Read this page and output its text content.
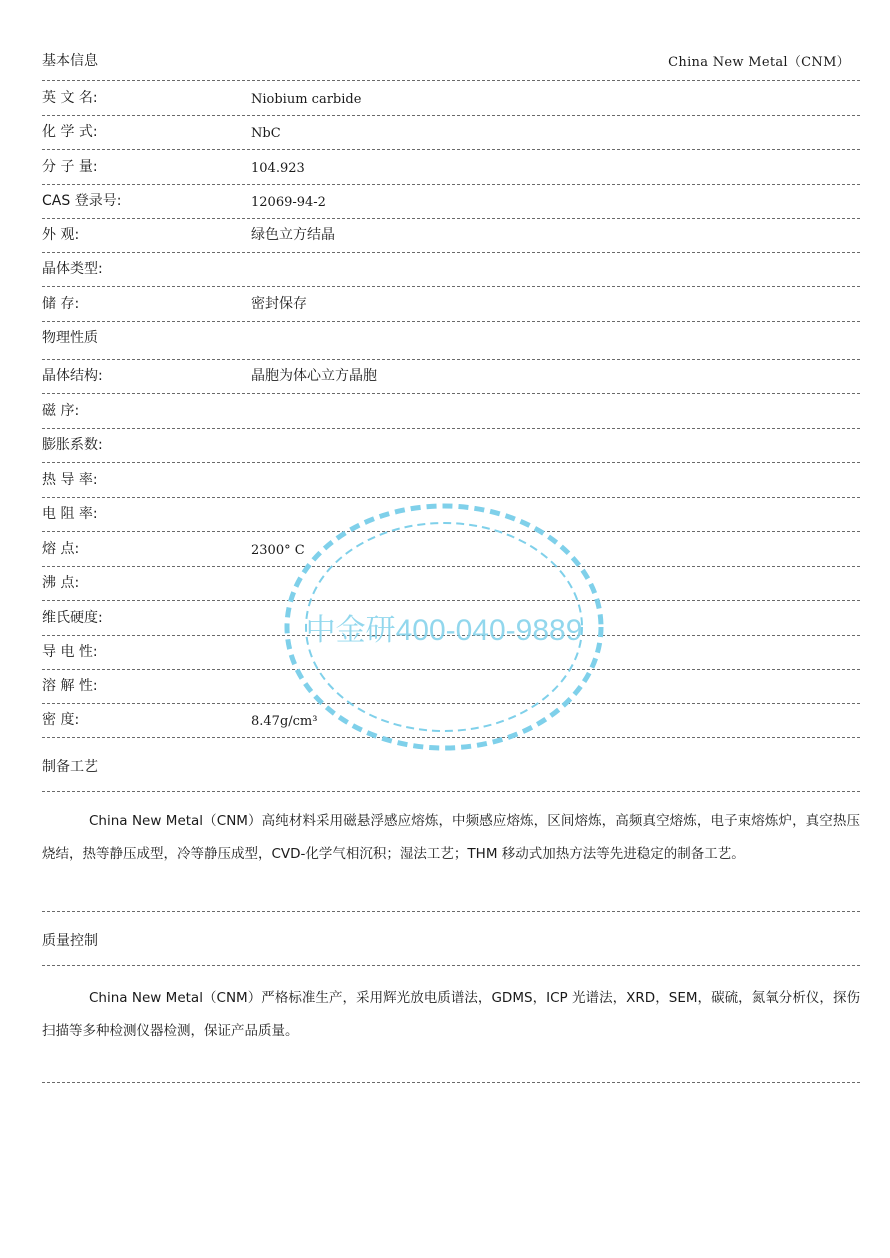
基本信息	China New Metal（CNM）
英 文 名:	Niobium carbide
化 学 式:	NbC
分 子 量:	104.923
CAS 登录号:	12069-94-2
外 观:	绿色立方结晶
晶体类型:
储 存:	密封保存
物理性质
晶体结构:	晶胞为体心立方晶胞
磁 序:
膨胀系数:
热 导 率:
电 阻 率:
熔 点:	2300° C
沸 点:
维氏硬度:
导 电 性:
溶 解 性:
密 度:	8.47g/cm³
制备工艺

China New Metal（CNM）高纯材料采用磁悬浮感应熔炼，中频感应熔炼，区间熔炼，高频真空熔炼，电子束熔炼炉，真空热压烧结，热等静压成型，冷等静压成型，CVD-化学气相沉积；湿法工艺；THM 移动式加热方法等先进稳定的制备工艺。

质量控制

China New Metal（CNM）严格标准生产，采用辉光放电质谱法，GDMS，ICP 光谱法，XRD，SEM，碳硫，氮氧分析仪，探伤扫描等多种检测仪器检测，保证产品质量。

中金研400-040-9889
